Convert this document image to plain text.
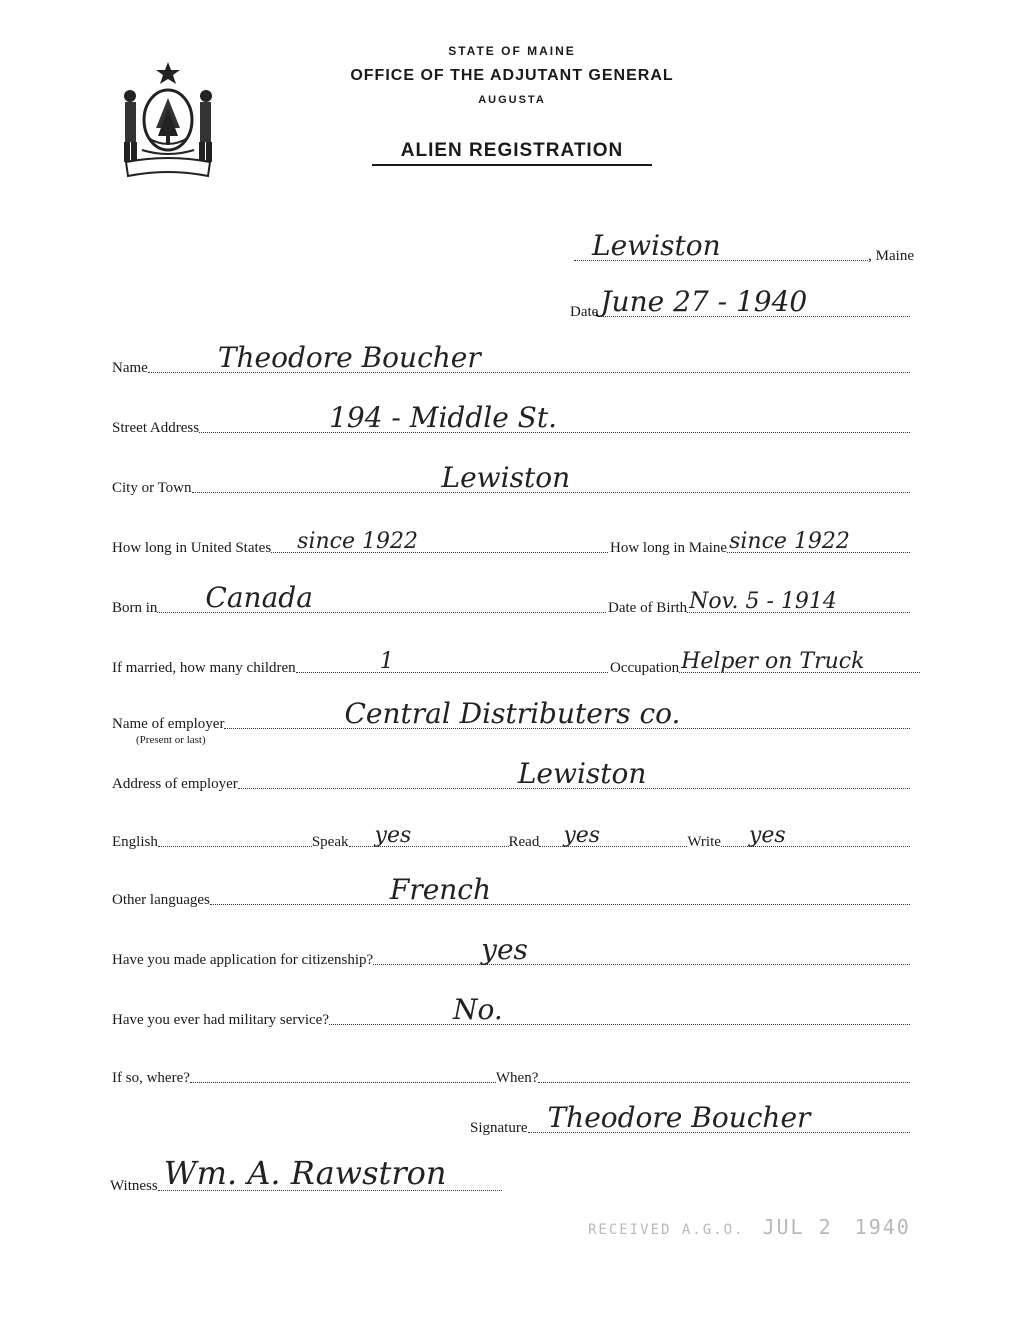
STATE OF MAINE
OFFICE OF THE ADJUTANT GENERAL
AUGUSTA
ALIEN REGISTRATION
Lewiston	, Maine
Date June 27 - 1940
Name	Theodore Boucher
Street Address	194 - Middle St.
City or Town	Lewiston
How long in United States since 1922	How long in Maine since 1922
Born in Canada	Date of Birth Nov. 5 - 1914
If married, how many children	1	Occupation Helper on Truck
Name of employer	Central Distributers co.
(Present or last)
Address of employer	Lewiston
English	Speak yes	Read yes	Write yes
Other languages	French
Have you made application for citizenship?	yes
Have you ever had military service?	No.
If so, where?	When?
Signature Theodore Boucher
Witness Wm. A. Rawstron
RECEIVED A.G.O. JUL 2 1940
